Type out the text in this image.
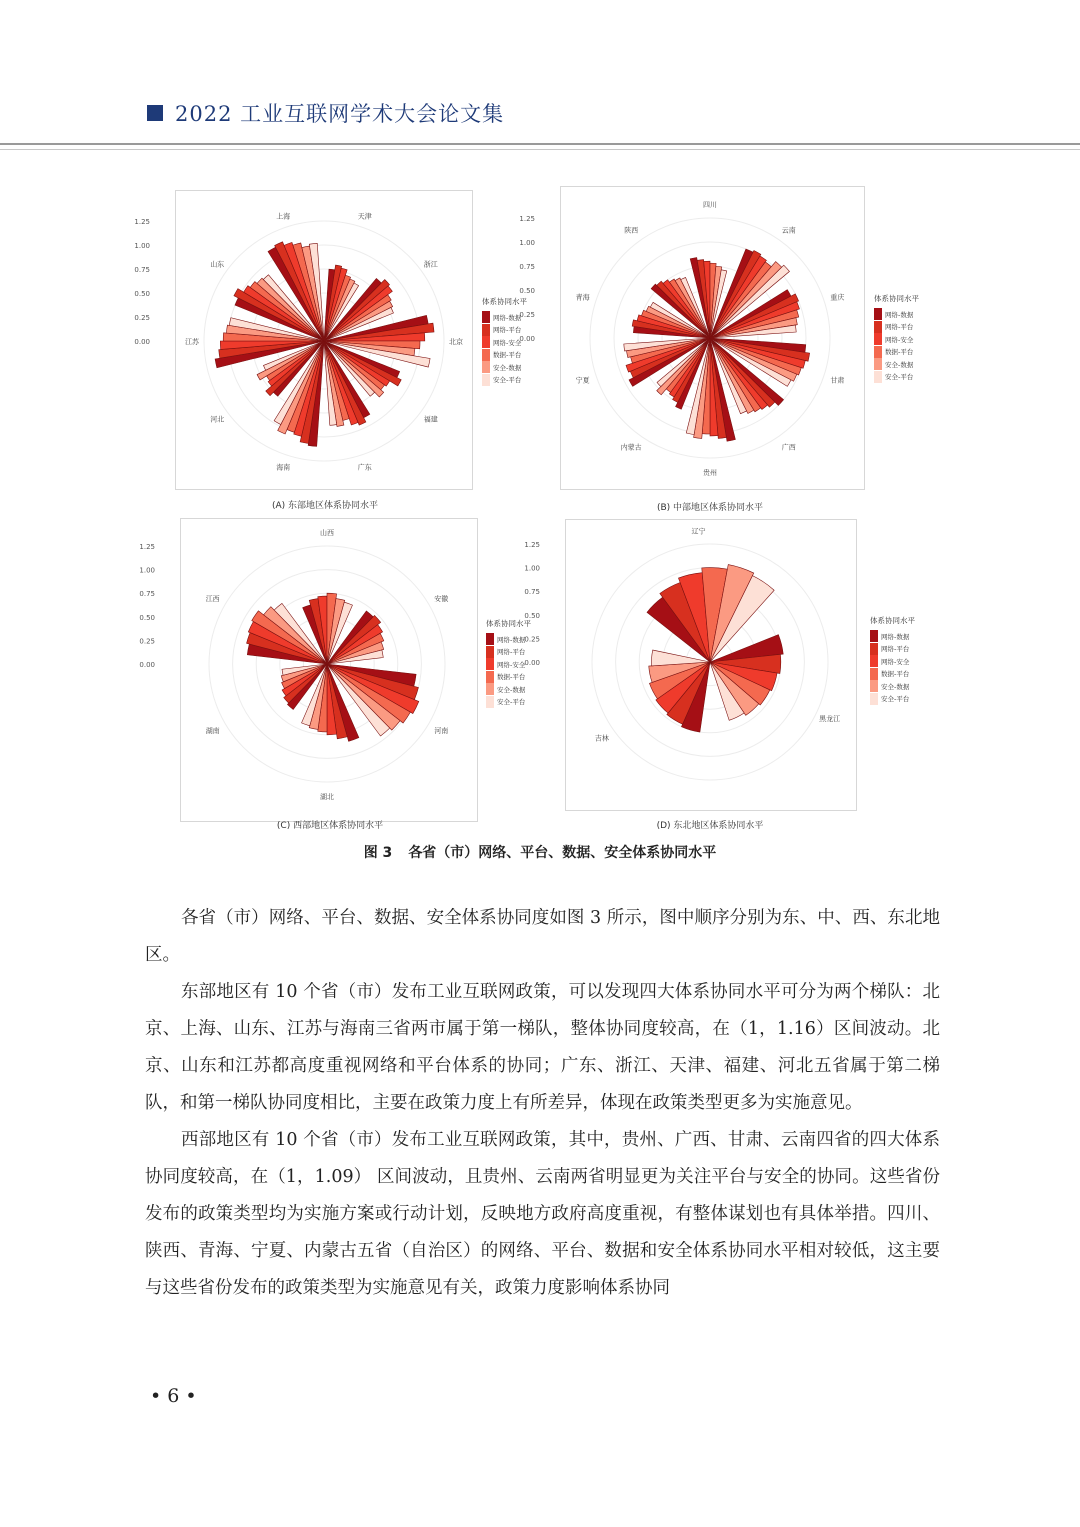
2022 工业互联网学术大会论文集
1.25
1.00
0.75
0.50
0.25
0.00	北京
福建
广东
海南
河北
江苏
山东
上海	天津
浙江
(A) 东部地区体系协同水平
体系协同水平
网络-数据
网络-平台
网络-安全
数据-平台
安全-数据
安全-平台
1.25
1.00
0.75
0.50
0.25
0.00
甘肃
广西
贵州
内蒙古
宁夏
青海
陕西
四川
云南
重庆
(B) 中部地区体系协同水平
体系协同水平
网络-数据
网络-平台
网络-安全
数据-平台
安全-数据
安全-平台
1.25
1.00
0.75
0.50
0.25
0.00
安徽
河南
湖北
湖南
江西
山西
(C) 西部地区体系协同水平
体系协同水平
网络-数据
网络-平台
网络-安全
数据-平台
安全-数据
安全-平台
1.25
1.00
0.75
0.50
0.25
0.00
黑龙江
吉林
辽宁
(D) 东北地区体系协同水平
体系协同水平
网络-数据
网络-平台
网络-安全
数据-平台
安全-数据
安全-平台
图 3 各省（市）网络、平台、数据、安全体系协同水平

各省（市）网络、平台、数据、安全体系协同度如图 3 所示，图中顺序分别为东、中、西、东北地区。

东部地区有 10 个省（市）发布工业互联网政策，可以发现四大体系协同水平可分为两个梯队：北京、上海、山东、江苏与海南三省两市属于第一梯队，整体协同度较高，在（1，1.16）区间波动。北京、山东和江苏都高度重视网络和平台体系的协同；广东、浙江、天津、福建、河北五省属于第二梯队，和第一梯队协同度相比，主要在政策力度上有所差异，体现在政策类型更多为实施意见。

西部地区有 10 个省（市）发布工业互联网政策，其中，贵州、广西、甘肃、云南四省的四大体系协同度较高，在（1，1.09） 区间波动，且贵州、云南两省明显更为关注平台与安全的协同。这些省份发布的政策类型均为实施方案或行动计划，反映地方政府高度重视，有整体谋划也有具体举措。四川、陕西、青海、宁夏、内蒙古五省（自治区）的网络、平台、数据和安全体系协同水平相对较低，这主要与这些省份发布的政策类型为实施意见有关，政策力度影响体系协同

• 6 •
